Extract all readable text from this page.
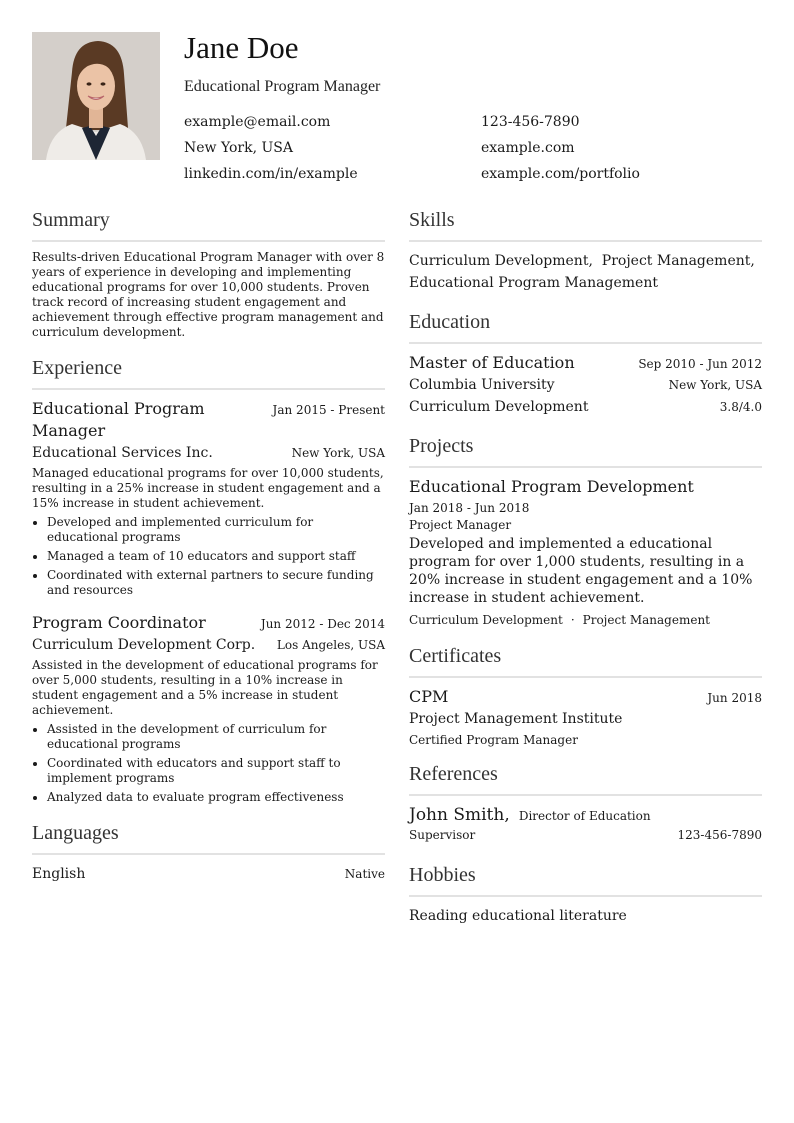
Jane Doe
Educational Program Manager
example@email.com	123-456-7890
New York, USA	example.com
linkedin.com/in/example	example.com/portfolio
Summary
Results-driven Educational Program Manager with over 8 years of experience in developing and implementing educational programs for over 10,000 students. Proven track record of increasing student engagement and achievement through effective program management and curriculum development.
Experience
Educational Program Manager
Jan 2015 - Present
Educational Services Inc.	New York, USA
Managed educational programs for over 10,000 students, resulting in a 25% increase in student engagement and a 15% increase in student achievement.
• Developed and implemented curriculum for educational programs
• Managed a team of 10 educators and support staff
• Coordinated with external partners to secure funding and resources
Program Coordinator	Jun 2012 - Dec 2014
Curriculum Development Corp. Los Angeles, USA
Assisted in the development of educational programs for over 5,000 students, resulting in a 10% increase in student engagement and a 5% increase in student achievement.
• Assisted in the development of curriculum for educational programs
• Coordinated with educators and support staff to implement programs
• Analyzed data to evaluate program effectiveness
Languages
English	Native
Skills
Curriculum Development,  Project Management, Educational Program Management
Education
Master of Education	Sep 2010 - Jun 2012
Columbia University	New York, USA
Curriculum Development	3.8/4.0
Projects
Educational Program Development
Jan 2018 - Jun 2018
Project Manager
Developed and implemented a educational program for over 1,000 students, resulting in a 20% increase in student engagement and a 10% increase in student achievement.
Curriculum Development · Project Management
Certificates
CPM	Jun 2018
Project Management Institute
Certified Program Manager
References
John Smith, Director of Education
Supervisor	123-456-7890
Hobbies
Reading educational literature
